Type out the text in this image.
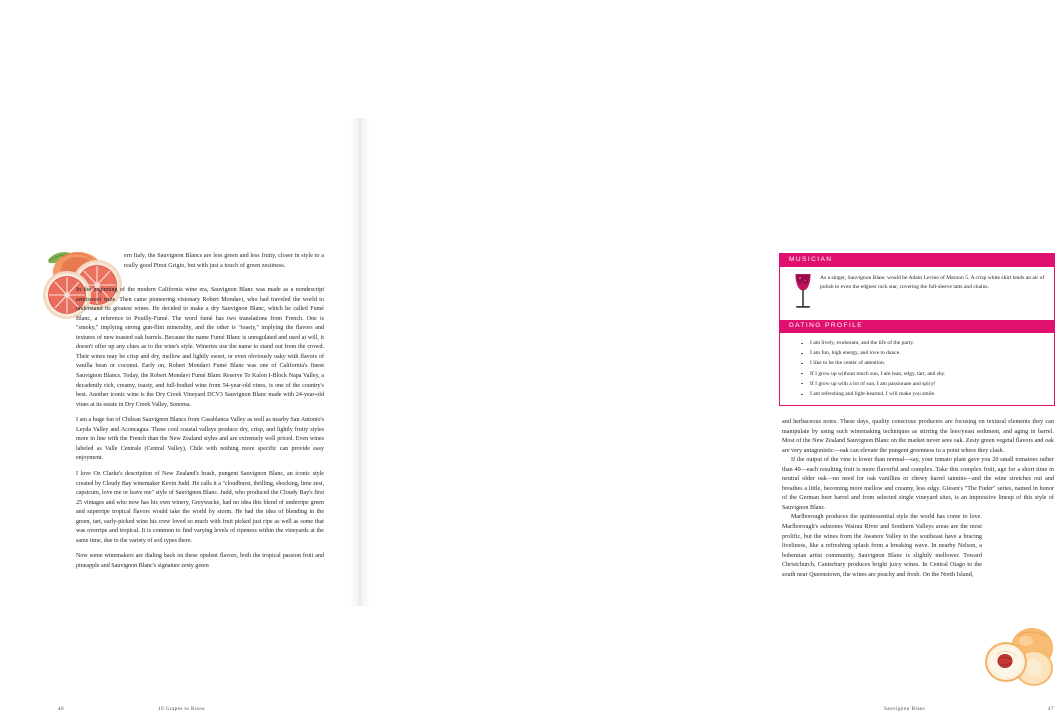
ern Italy, the Sauvignon Blancs are less green and less fruity, closer in style to a really good Pinot Grigio, but with just a touch of green zestiness.

In the beginning of the modern California wine era, Sauvignon Blanc was made as a nondescript semisweet wine. Then came pioneering visionary Robert Mondavi, who had traveled the world to understand its greatest wines. He decided to make a dry Sauvignon Blanc, which he called Fumé Blanc, a reference to Pouilly-Fumé. The word fumé has two translations from French. One is "smoky," implying strong gun-flint minerality, and the other is "toasty," implying the flavors and textures of new toasted oak barrels. Because the name Fumé Blanc is unregulated and used at will, it doesn't offer up any clues as to the wine's style. Wineries use the name to stand out from the crowd. Their wines may be crisp and dry, mellow and lightly sweet, or even obviously oaky with flavors of vanilla bean or coconut. Early on, Robert Mondavi Fumé Blanc was one of California's finest Sauvignon Blancs. Today, the Robert Mondavi Fumé Blanc Reserve To Kalon I-Block Napa Valley, a decadently rich, creamy, toasty, and full-bodied wine from 54-year-old vines, is one of the country's best. Another iconic wine is the Dry Creek Vineyard DCV3 Sauvignon Blanc made with 24-year-old vines at its estate in Dry Creek Valley, Sonoma.

I am a huge fan of Chilean Sauvignon Blancs from Casablanca Valley as well as nearby San Antonio's Leyda Valley and Aconcagua. These cool coastal valleys produce dry, crisp, and lightly fruity styles more in line with the French than the New Zealand styles and are extremely well priced. Even wines labeled as Valle Centrale (Central Valley), Chile with nothing more specific can provide easy enjoyment.

I love Oz Clarke's description of New Zealand's brash, pungent Sauvignon Blanc, an iconic style created by Cloudy Bay winemaker Kevin Judd. He calls it a "cloudburst, thrilling, shocking, lime zest, capsicum, love me or leave me" style of Sauvignon Blanc. Judd, who produced the Cloudy Bay's first 25 vintages and who now has his own winery, Greywacke, had no idea this blend of underripe green and superripe tropical flavors would take the world by storm. He had the idea of blending in the green, tart, early-picked wine his crew loved so much with fruit picked just ripe as well as some that was overripe and tropical. It is common to find varying levels of ripeness within the vineyards at the same time, due to the variety of soil types there.

Now some winemakers are dialing back on these opulent flavors, both the tropical passion fruit and pineapple and Sauvignon Blanc's signature zesty green

46	10 Grapes to Know
MUSICIAN
As a singer, Sauvignon Blanc would be Adam Levine of Maroon 5. A crisp white shirt lends an air of polish to even the edgiest rock star, covering the full-sleeve tatts and chains.
DATING PROFILE
I am lively, exuberant, and the life of the party.
I am fun, high energy, and love to dance.
I like to be the center of attention.
If I grow up without much sun, I am lean, edgy, tart, and shy.
If I grow up with a lot of sun, I am passionate and spicy!
I am refreshing and light-hearted. I will make you smile.

and herbaceous notes. These days, quality conscious producers are focusing on textural elements they can manipulate by using such winemaking techniques as stirring the lees/yeast sediment, and aging in barrel. Most of the New Zealand Sauvignon Blanc on the market never sees oak. Zesty green vegetal flavors and oak are very antagonistic—oak can elevate the pungent greenness to a point where they clash.

If the output of the vine is lower than normal—say, your tomato plant gave you 20 small tomatoes rather than 40—each resulting fruit is more flavorful and complex. Take this complex fruit, age for a short time in neutral older oak—no need for oak vanillins or chewy barrel tannins—and the wine stretches out and breathes a little, becoming more mellow and creamy, less edgy. Giesen's "The Fuder" series, named in honor of the German beer barrel and from selected single vineyard sites, is an impressive lineup of this style of Sauvignon Blanc.

Marlborough produces the quintessential style the world has come to love. Marlborough's subzones Wairau River and Southern Valleys areas are the most prolific, but the wines from the Awatere Valley to the southeast have a bracing liveliness, like a refreshing splash from a breaking wave. In nearby Nelson, a bohemian artist community, Sauvignon Blanc is slightly mellower. Toward Christchurch, Canterbury produces bright juicy wines. In Central Otago to the south near Queenstown, the wines are peachy and fresh. On the North Island,

Sauvignon Blanc	47
